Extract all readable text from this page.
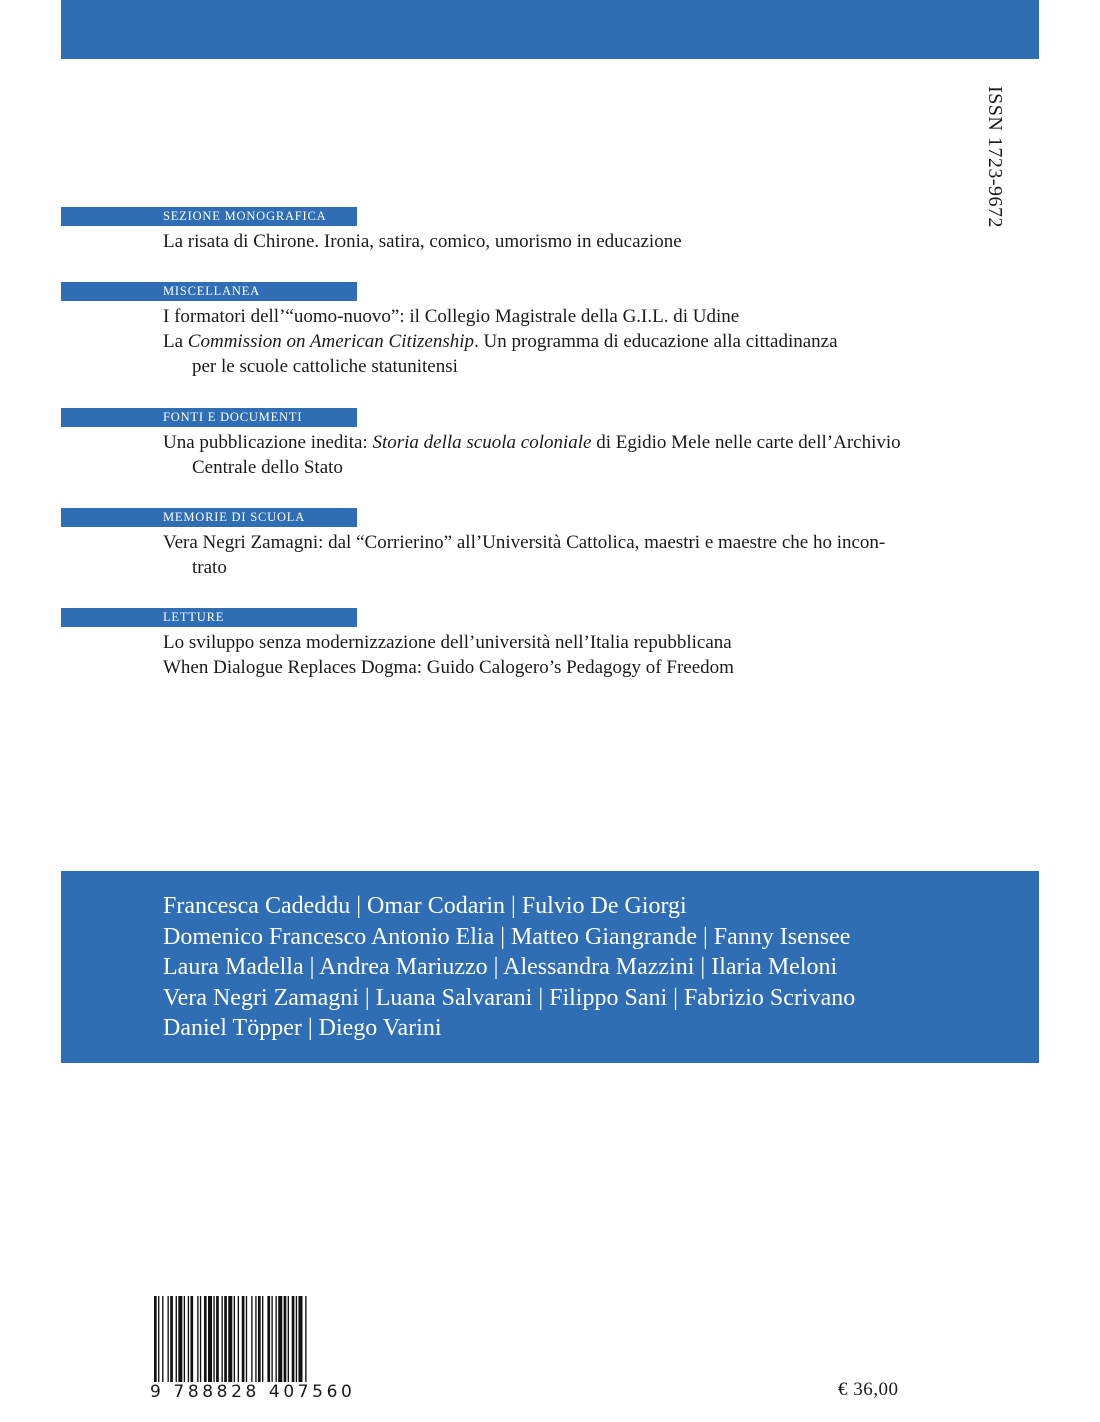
ISSN 1723-9672
SEZIONE MONOGRAFICA
La risata di Chirone. Ironia, satira, comico, umorismo in educazione
MISCELLANEA
I formatori dell’“uomo-nuovo”: il Collegio Magistrale della G.I.L. di Udine
La Commission on American Citizenship. Un programma di educazione alla cittadinanza
per le scuole cattoliche statunitensi
FONTI E DOCUMENTI
Una pubblicazione inedita: Storia della scuola coloniale di Egidio Mele nelle carte dell’Archivio
Centrale dello Stato
MEMORIE DI SCUOLA
Vera Negri Zamagni: dal “Corrierino” all’Università Cattolica, maestri e maestre che ho incon-
trato
LETTURE
Lo sviluppo senza modernizzazione dell’università nell’Italia repubblicana
When Dialogue Replaces Dogma: Guido Calogero’s Pedagogy of Freedom
Francesca Cadeddu | Omar Codarin | Fulvio De Giorgi
Domenico Francesco Antonio Elia | Matteo Giangrande | Fanny Isensee
Laura Madella | Andrea Mariuzzo | Alessandra Mazzini | Ilaria Meloni
Vera Negri Zamagni | Luana Salvarani | Filippo Sani | Fabrizio Scrivano
Daniel Töpper | Diego Varini
9 788828 407560	€ 36,00
